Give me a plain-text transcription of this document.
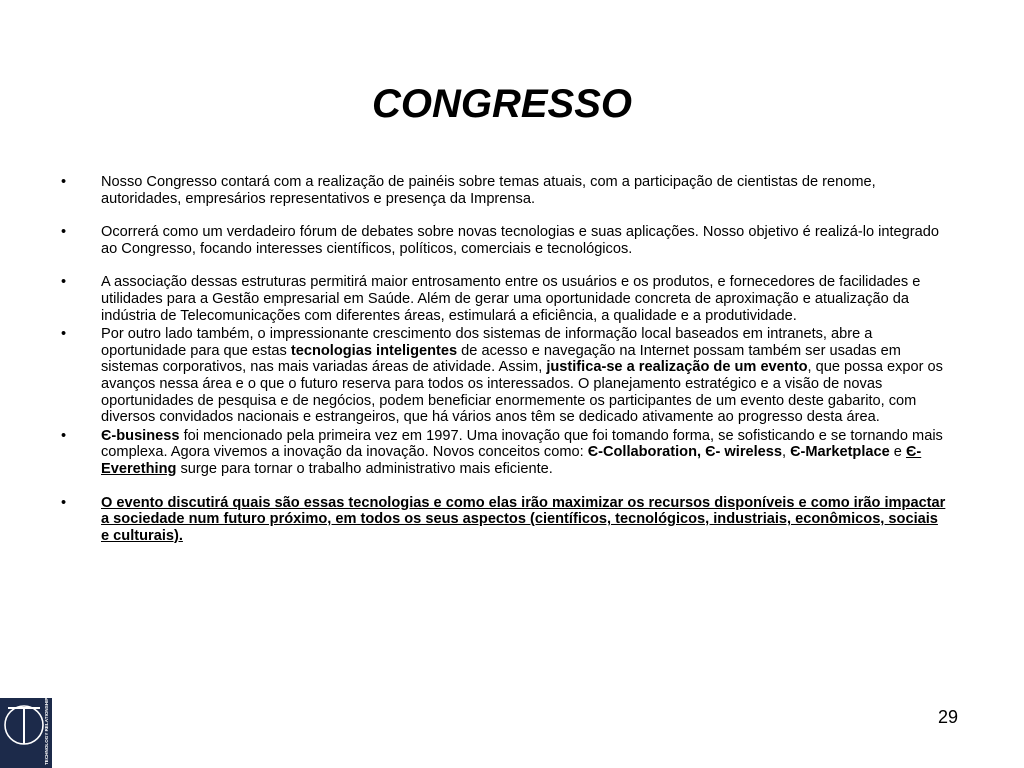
CONGRESSO
• Nosso Congresso contará com a realização de painéis sobre temas atuais, com a participação de cientistas de renome, autoridades, empresários representativos e presença da Imprensa.
• Ocorrerá como um verdadeiro fórum de debates sobre novas tecnologias e suas aplicações. Nosso objetivo é realizá-lo integrado ao Congresso, focando interesses científicos, políticos, comerciais e tecnológicos.
• A associação dessas estruturas permitirá maior entrosamento entre os usuários e os produtos, e fornecedores de facilidades e utilidades para a Gestão empresarial em Saúde. Além de gerar uma oportunidade concreta de aproximação e atualização da indústria de Telecomunicações com diferentes áreas, estimulará a eficiência, a qualidade e a produtividade.
• Por outro lado também, o impressionante crescimento dos sistemas de informação local baseados em intranets, abre a oportunidade para que estas tecnologias inteligentes de acesso e navegação na Internet possam também ser usadas em sistemas corporativos, nas mais variadas áreas de atividade. Assim, justifica-se a realização de um evento, que possa expor os avanços nessa área e o que o futuro reserva para todos os interessados. O planejamento estratégico e a visão de novas oportunidades de pesquisa e de negócios, podem beneficiar enormemente os participantes de um evento deste gabarito, com diversos convidados nacionais e estrangeiros, que há vários anos têm se dedicado ativamente ao progresso desta área.
• Є-business foi mencionado pela primeira vez em 1997. Uma inovação que foi tomando forma, se sofisticando e se tornando mais complexa. Agora vivemos a inovação da inovação. Novos conceitos como: Є-Collaboration, Є- wireless, Є-Marketplace e Є- Everething surge para tornar o trabalho administrativo mais eficiente.
• O evento discutirá quais são essas tecnologias e como elas irão maximizar os recursos disponíveis e como irão impactar a sociedade num futuro próximo, em todos os seus aspectos (científicos, tecnológicos, industriais, econômicos, sociais e culturais).
29
TECHNOLOGY RELATIONSHIP
